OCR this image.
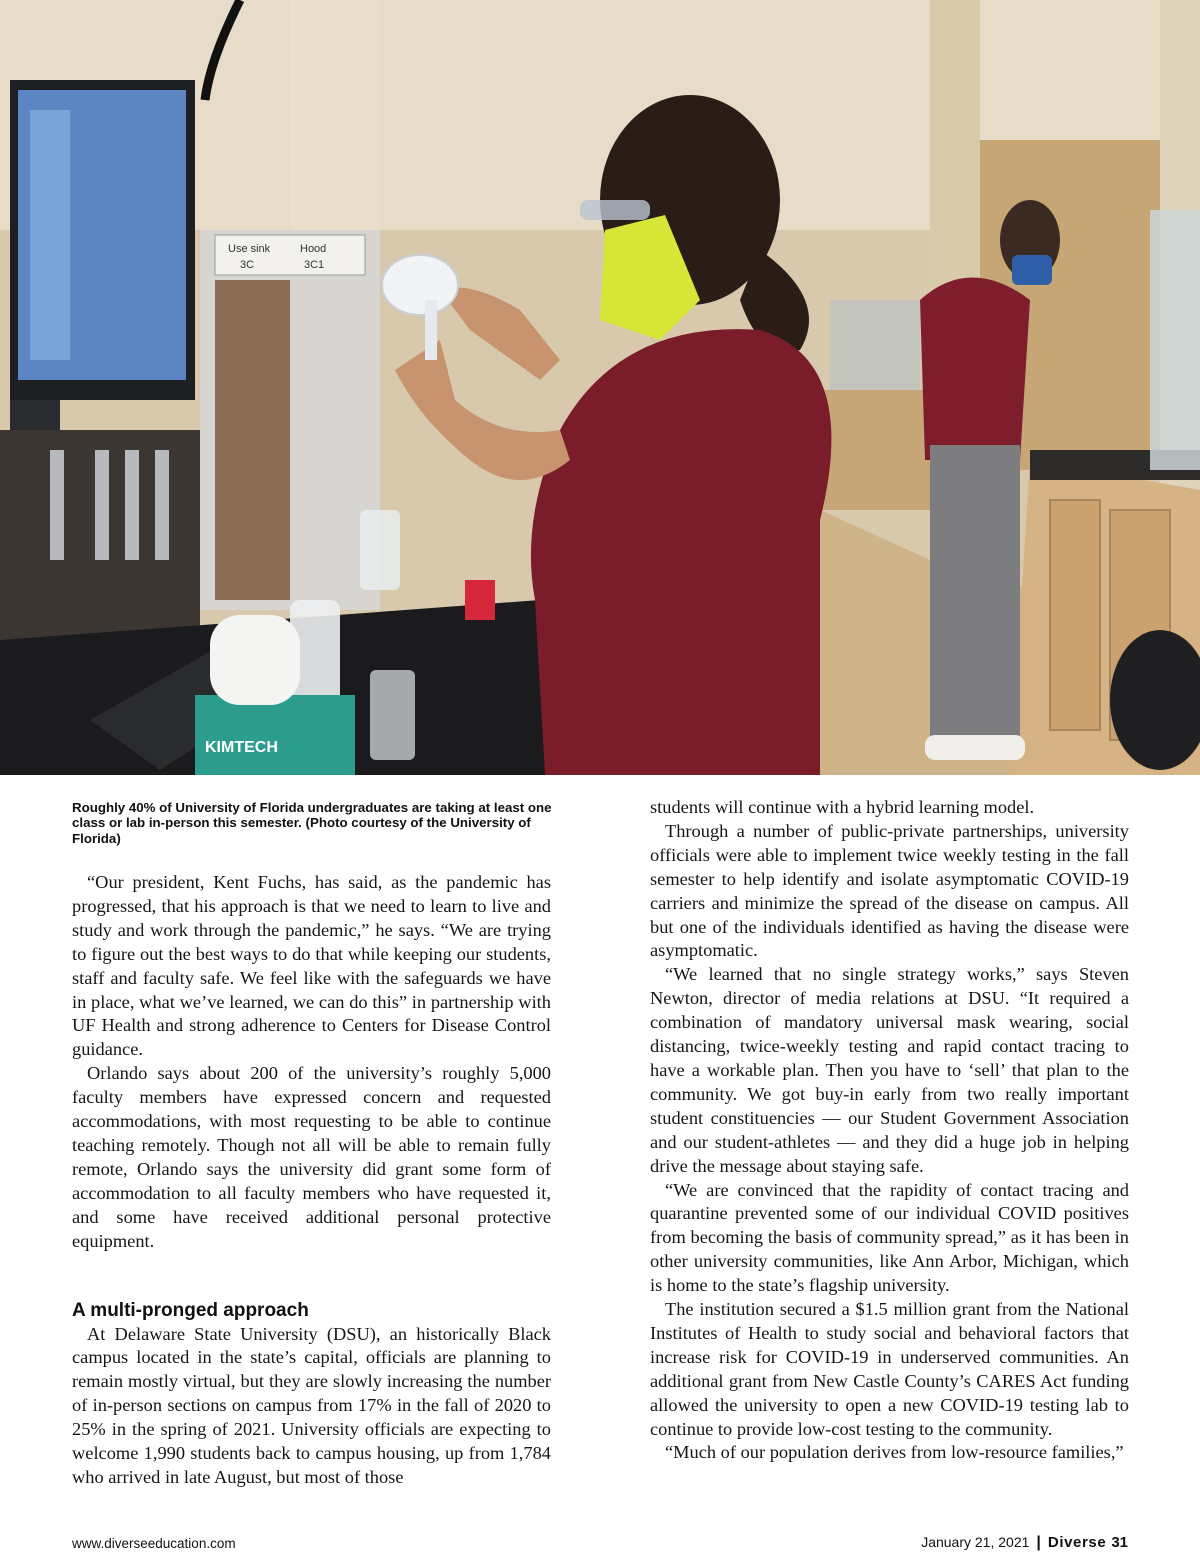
Use sink
3C
Hood
3C1
KIMTECH
Roughly 40% of University of Florida undergraduates are taking at least one class or lab in-person this semester. (Photo courtesy of the University of Florida)

“Our president, Kent Fuchs, has said, as the pandemic has progressed, that his approach is that we need to learn to live and study and work through the pandemic,” he says. “We are trying to figure out the best ways to do that while keeping our students, staff and faculty safe. We feel like with the safeguards we have in place, what we’ve learned, we can do this” in partnership with UF Health and strong adherence to Centers for Disease Control guidance.

Orlando says about 200 of the university’s roughly 5,000 faculty members have expressed concern and requested accommodations, with most requesting to be able to continue teaching remotely. Though not all will be able to remain fully remote, Orlando says the university did grant some form of accommodation to all faculty members who have requested it, and some have received additional personal protective equipment.

A multi-pronged approach

At Delaware State University (DSU), an historically Black campus located in the state’s capital, officials are planning to remain mostly virtual, but they are slowly increasing the number of in-person sections on campus from 17% in the fall of 2020 to 25% in the spring of 2021. University officials are expecting to welcome 1,990 students back to campus housing, up from 1,784 who arrived in late August, but most of those

students will continue with a hybrid learning model.

Through a number of public-private partnerships, university officials were able to implement twice weekly testing in the fall semester to help identify and isolate asymptomatic COVID-19 carriers and minimize the spread of the disease on campus. All but one of the individuals identified as having the disease were asymptomatic.

“We learned that no single strategy works,” says Steven Newton, director of media relations at DSU. “It required a combination of mandatory universal mask wearing, social distancing, twice-weekly testing and rapid contact tracing to have a workable plan. Then you have to ‘sell’ that plan to the community. We got buy-in early from two really important student constituencies — our Student Government Association and our student-athletes — and they did a huge job in helping drive the message about staying safe.

“We are convinced that the rapidity of contact tracing and quarantine prevented some of our individual COVID positives from becoming the basis of community spread,” as it has been in other university communities, like Ann Arbor, Michigan, which is home to the state’s flagship university.

The institution secured a $1.5 million grant from the National Institutes of Health to study social and behavioral factors that increase risk for COVID-19 in underserved communities. An additional grant from New Castle County’s CARES Act funding allowed the university to open a new COVID-19 testing lab to continue to provide low-cost testing to the community.

“Much of our population derives from low-resource families,”

www.diverseeducation.com	January 21, 2021 | Diverse 31
